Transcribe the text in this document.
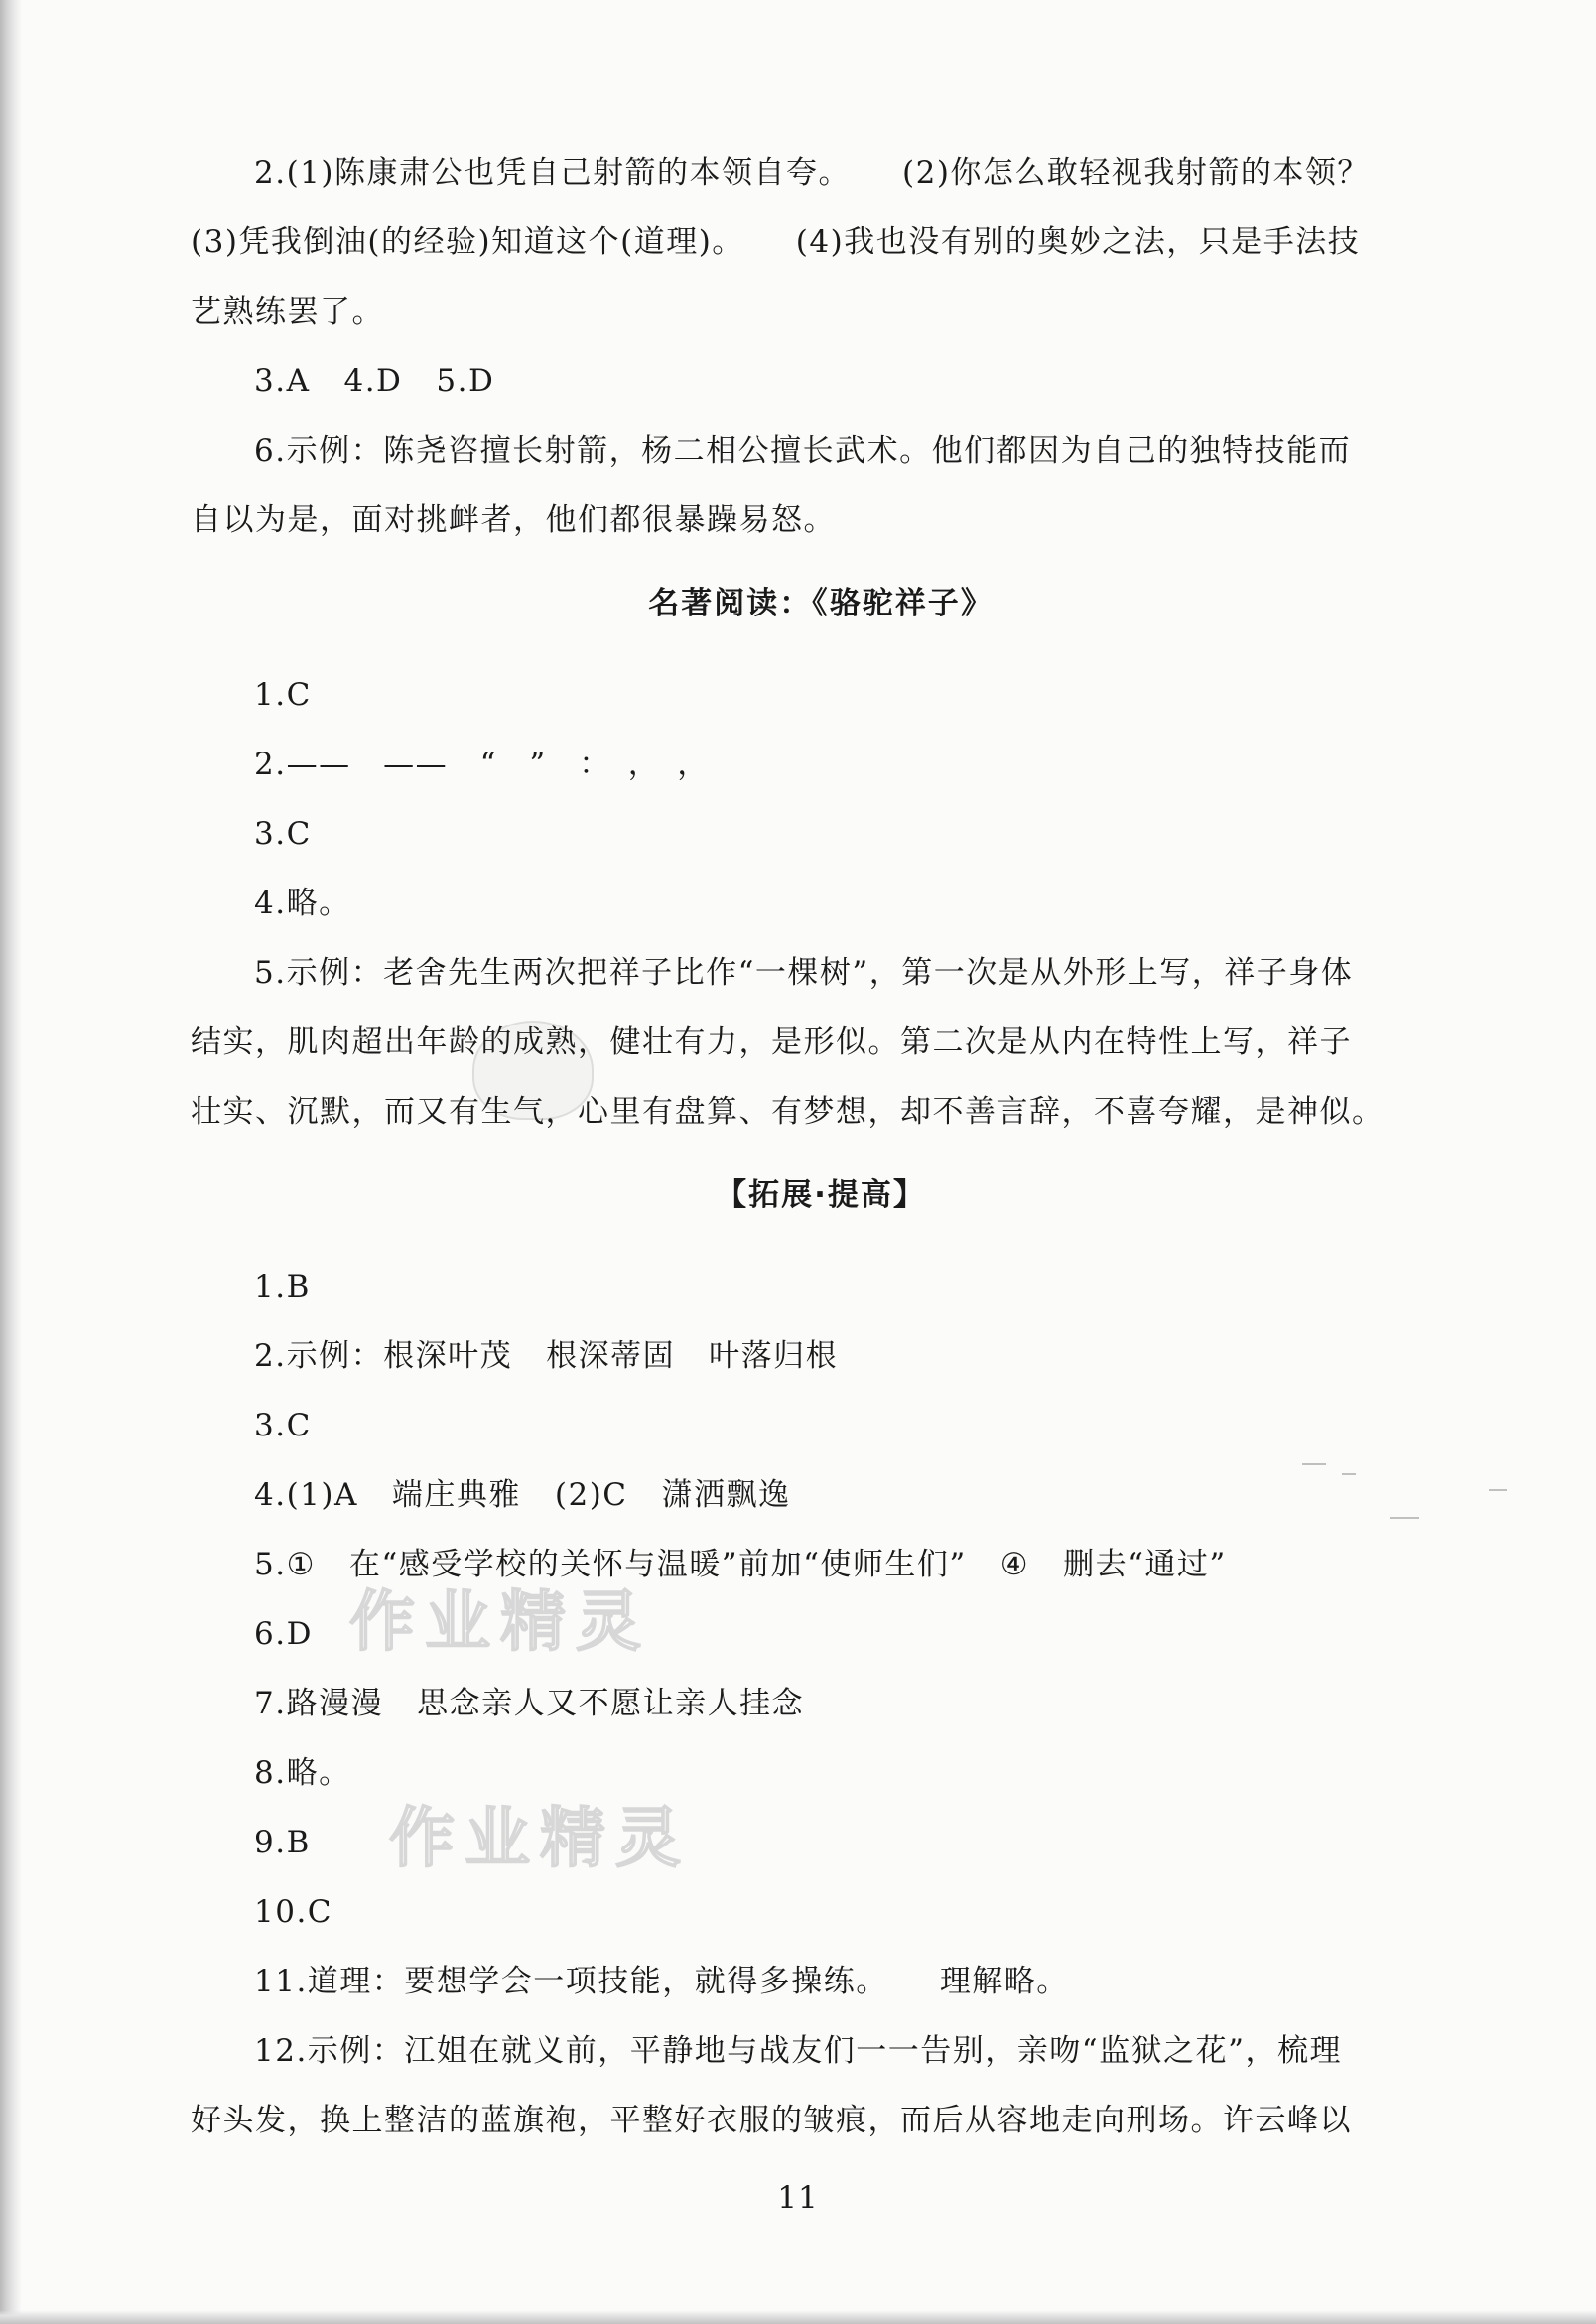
作业精灵
作业精灵

2.(1)陈康肃公也凭自己射箭的本领自夸。 (2)你怎么敢轻视我射箭的本领？

(3)凭我倒油(的经验)知道这个(道理)。 (4)我也没有别的奥妙之法，只是手法技

艺熟练罢了。

3.A 4.D 5.D

6.示例：陈尧咨擅长射箭，杨二相公擅长武术。他们都因为自己的独特技能而

自以为是，面对挑衅者，他们都很暴躁易怒。

名著阅读：《骆驼祥子》

1.C

2.——　——　“　”　：　，　，

3.C

4.略。

5.示例：老舍先生两次把祥子比作“一棵树”，第一次是从外形上写，祥子身体

结实，肌肉超出年龄的成熟，健壮有力，是形似。第二次是从内在特性上写，祥子

壮实、沉默，而又有生气，心里有盘算、有梦想，却不善言辞，不喜夸耀，是神似。

【拓展·提高】

1.B

2.示例：根深叶茂 根深蒂固 叶落归根

3.C

4.(1)A 端庄典雅 (2)C 潇洒飘逸

5.① 在“感受学校的关怀与温暖”前加“使师生们” ④ 删去“通过”

6.D

7.路漫漫 思念亲人又不愿让亲人挂念

8.略。

9.B

10.C

11.道理：要想学会一项技能，就得多操练。 理解略。

12.示例：江姐在就义前，平静地与战友们一一告别，亲吻“监狱之花”，梳理

好头发，换上整洁的蓝旗袍，平整好衣服的皱痕，而后从容地走向刑场。许云峰以

11
